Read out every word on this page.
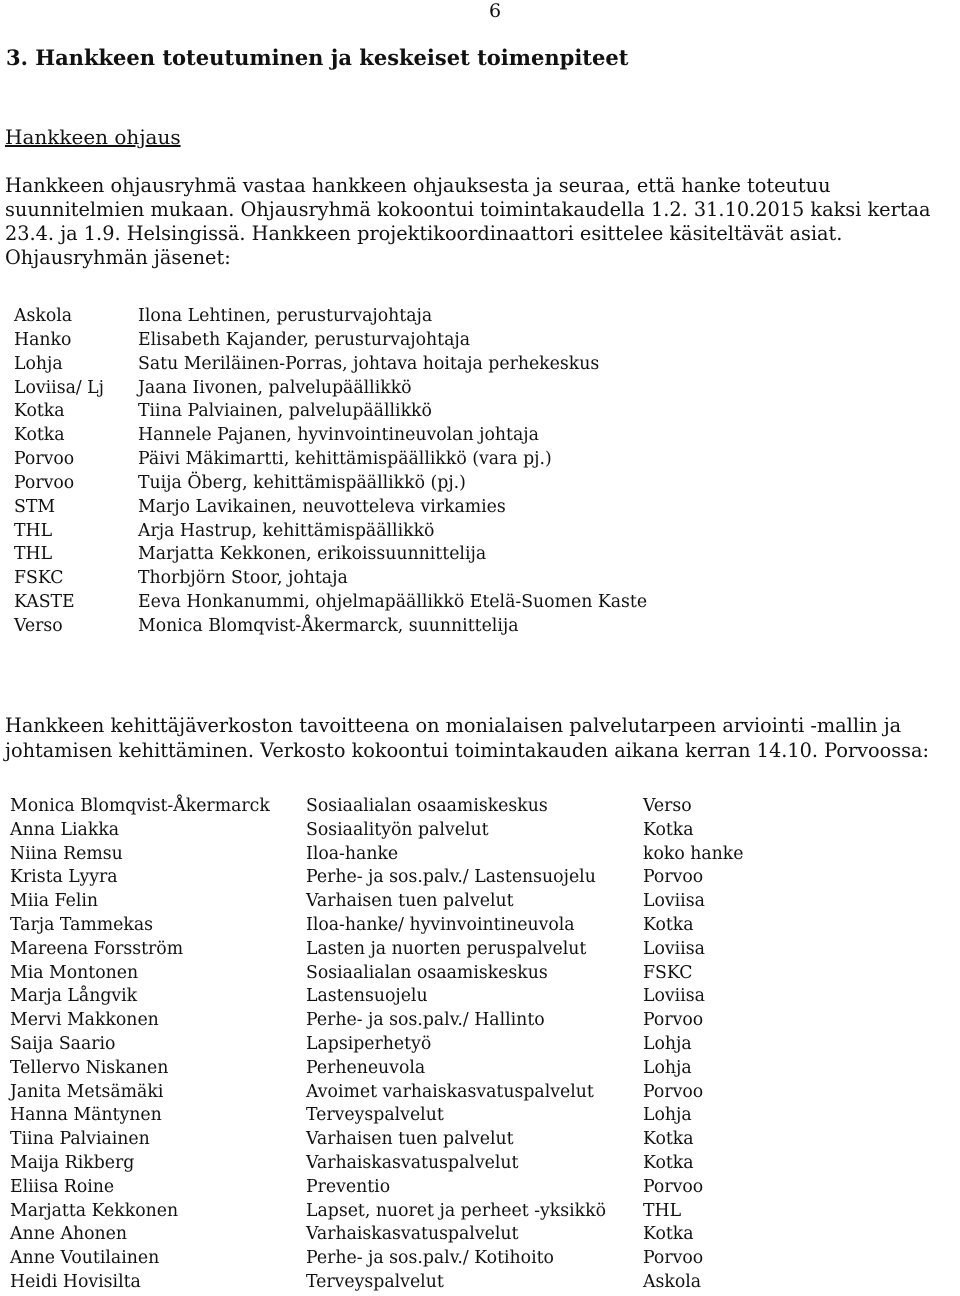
6
3. Hankkeen toteutuminen ja keskeiset toimenpiteet
Hankkeen ohjaus
Hankkeen ohjausryhmä vastaa hankkeen ohjauksesta ja seuraa, että hanke toteutuu
suunnitelmien mukaan. Ohjausryhmä kokoontui toimintakaudella 1.2. 31.10.2015 kaksi kertaa
23.4. ja 1.9. Helsingissä. Hankkeen projektikoordinaattori esittelee käsiteltävät asiat.
Ohjausryhmän jäsenet:
Askola	Ilona Lehtinen, perusturvajohtaja
Hanko	Elisabeth Kajander, perusturvajohtaja
Lohja	Satu Meriläinen-Porras, johtava hoitaja perhekeskus
Loviisa/ Lj	Jaana Iivonen, palvelupäällikkö
Kotka	Tiina Palviainen, palvelupäällikkö
Kotka	Hannele Pajanen, hyvinvointineuvolan johtaja
Porvoo	Päivi Mäkimartti, kehittämispäällikkö (vara pj.)
Porvoo	Tuija Öberg, kehittämispäällikkö (pj.)
STM	Marjo Lavikainen, neuvotteleva virkamies
THL	Arja Hastrup, kehittämispäällikkö
THL	Marjatta Kekkonen, erikoissuunnittelija
FSKC	Thorbjörn Stoor, johtaja
KASTE	Eeva Honkanummi, ohjelmapäällikkö Etelä-Suomen Kaste
Verso	Monica Blomqvist-Åkermarck, suunnittelija
Hankkeen kehittäjäverkoston tavoitteena on monialaisen palvelutarpeen arviointi -mallin ja
johtamisen kehittäminen. Verkosto kokoontui toimintakauden aikana kerran 14.10. Porvoossa:
Monica Blomqvist-Åkermarck	Sosiaalialan osaamiskeskus	Verso
Anna Liakka	Sosiaalityön palvelut	Kotka
Niina Remsu	Iloa-hanke	koko hanke
Krista Lyyra	Perhe- ja sos.palv./ Lastensuojelu	Porvoo
Miia Felin	Varhaisen tuen palvelut	Loviisa
Tarja Tammekas	Iloa-hanke/ hyvinvointineuvola	Kotka
Mareena Forsström	Lasten ja nuorten peruspalvelut	Loviisa
Mia Montonen	Sosiaalialan osaamiskeskus	FSKC
Marja Långvik	Lastensuojelu	Loviisa
Mervi Makkonen	Perhe- ja sos.palv./ Hallinto	Porvoo
Saija Saario	Lapsiperhetyö	Lohja
Tellervo Niskanen	Perheneuvola	Lohja
Janita Metsämäki	Avoimet varhaiskasvatuspalvelut	Porvoo
Hanna Mäntynen	Terveyspalvelut	Lohja
Tiina Palviainen	Varhaisen tuen palvelut	Kotka
Maija Rikberg	Varhaiskasvatuspalvelut	Kotka
Eliisa Roine	Preventio	Porvoo
Marjatta Kekkonen	Lapset, nuoret ja perheet -yksikkö	THL
Anne Ahonen	Varhaiskasvatuspalvelut	Kotka
Anne Voutilainen	Perhe- ja sos.palv./ Kotihoito	Porvoo
Heidi Hovisilta	Terveyspalvelut	Askola
